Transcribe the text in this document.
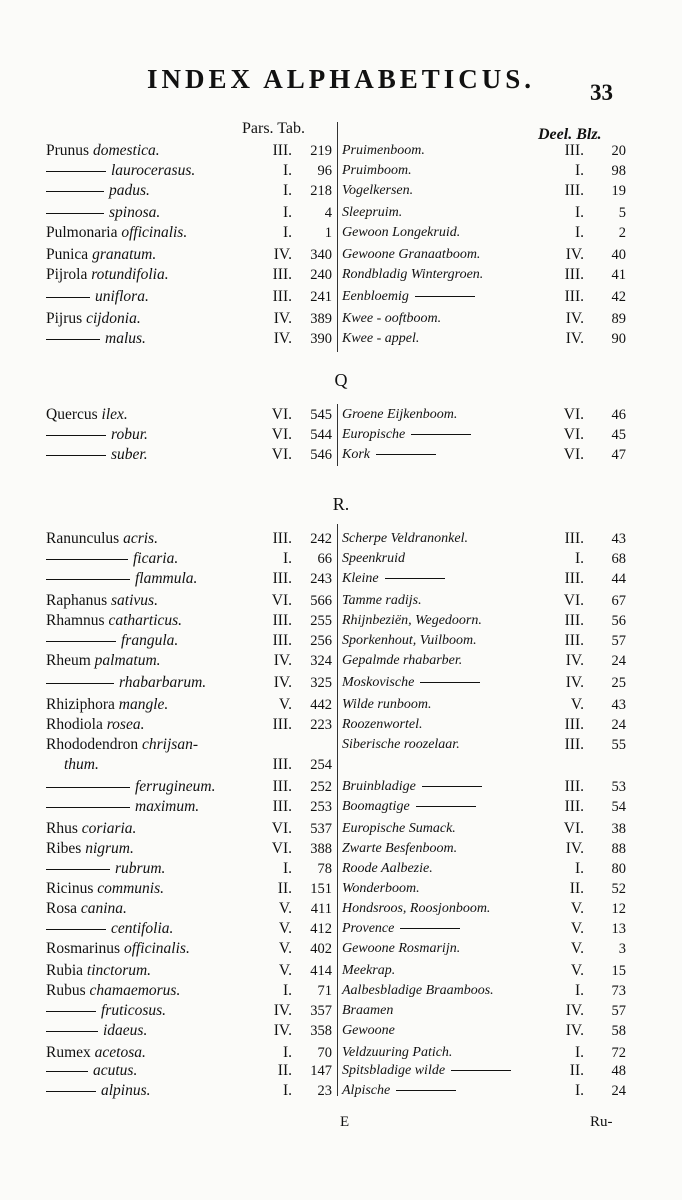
INDEX ALPHABETICUS.	33
Pars. Tab.	Deel. Blz.
Prunus domestica.	III.	219 Pruimenboom.	III.	20
laurocerasus.	I.	96 Pruimboom.	I.	98
padus.	I.	218 Vogelkersen.	III.	19
spinosa.	I.	4 Sleepruim.	I.	5
Pulmonaria officinalis.	I.	1 Gewoon Longekruid.	I.	2
Punica granatum.	IV.	340 Gewoone Granaatboom.	IV.	40
Pijrola rotundifolia.	III.	240 Rondbladig Wintergroen.	III.	41
uniflora.	III.	241 Eenbloemig	III.	42
Pijrus cijdonia.	IV.	389 Kwee - ooftboom.	IV.	89
malus.	IV.	390 Kwee - appel.	IV.	90
Q
Quercus ilex.	VI.	545 Groene Eijkenboom.	VI.	46
robur.	VI.	544 Europische	VI.	45
suber.	VI.	546 Kork	VI.	47
R.
Ranunculus acris.	III.	242 Scherpe Veldranonkel.	III.	43
ficaria.	I.	66 Speenkruid	I.	68
flammula.	III.	243 Kleine	III.	44
Raphanus sativus.	VI.	566 Tamme radijs.	VI.	67
Rhamnus catharticus.	III.	255 Rhijnbeziën, Wegedoorn.	III.	56
frangula.	III.	256 Sporkenhout, Vuilboom.	III.	57
Rheum palmatum.	IV.	324 Gepalmde rhabarber.	IV.	24
rhabarbarum.	IV.	325 Moskovische	IV.	25
Rhiziphora mangle.	V.	442 Wilde runboom.	V.	43
Rhodiola rosea.	III.	223 Roozenwortel.	III.	24
Rhododendron chrijsan-	Siberische roozelaar.	III.	55
thum.	III.	254
ferrugineum.	III.	252 Bruinbladige	III.	53
maximum.	III.	253 Boomagtige	III.	54
Rhus coriaria.	VI.	537 Europische Sumack.	VI.	38
Ribes nigrum.	VI.	388 Zwarte Besfenboom.	IV.	88
rubrum.	I.	78 Roode Aalbezie.	I.	80
Ricinus communis.	II.	151 Wonderboom.	II.	52
Rosa canina.	V.	411 Hondsroos, Roosjonboom.	V.	12
centifolia.	V.	412 Provence	V.	13
Rosmarinus officinalis.	V.	402 Gewoone Rosmarijn.	V.	3
Rubia tinctorum.	V.	414 Meekrap.	V.	15
Rubus chamaemorus.	I.	71 Aalbesbladige Braamboos.	I.	73
fruticosus.	IV.	357 Braamen	IV.	57
idaeus.	IV.	358 Gewoone	IV.	58
Rumex acetosa.	I.	70 Veldzuuring Patich.	I.	72
acutus.	II.	147 Spitsbladige wilde	II.	48
alpinus.	I.	23 Alpische	I.	24
E	Ru-
